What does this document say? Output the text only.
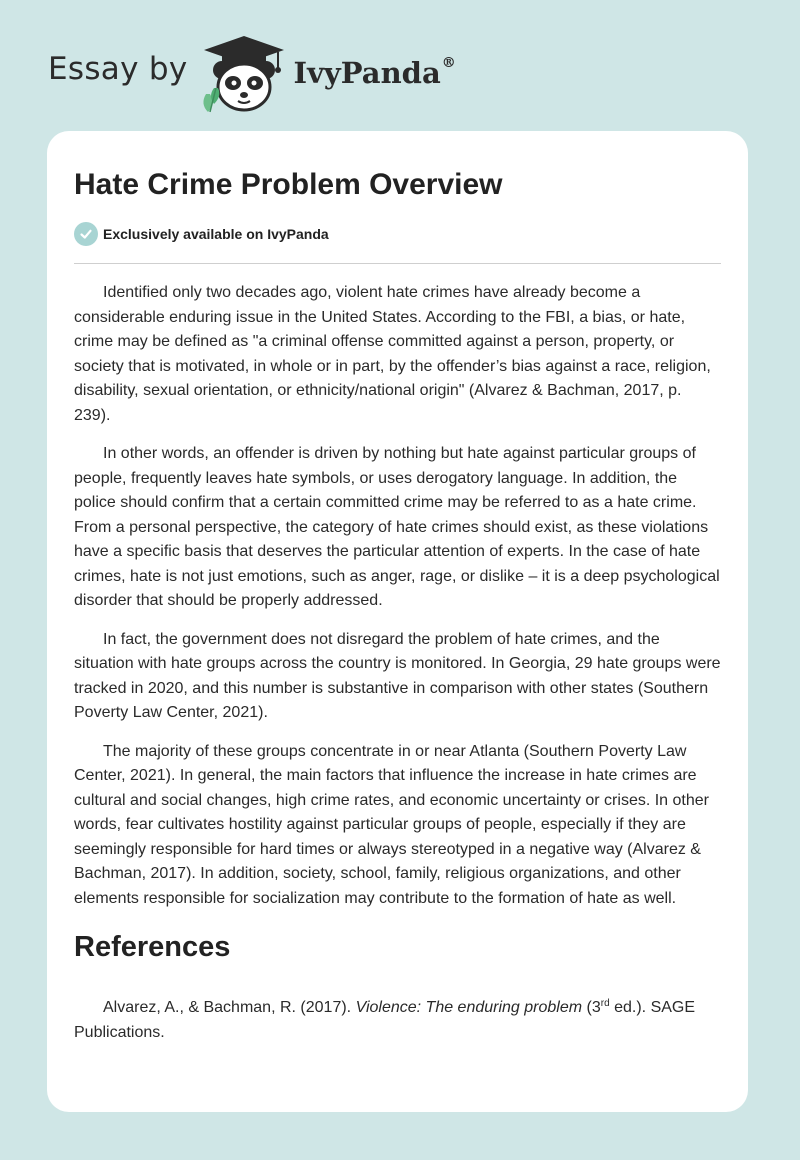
Essay by	IvyPanda®
Hate Crime Problem Overview
Exclusively available on IvyPanda

Identified only two decades ago, violent hate crimes have already become a considerable enduring issue in the United States. According to the FBI, a bias, or hate, crime may be defined as "a criminal offense committed against a person, property, or society that is motivated, in whole or in part, by the offender’s bias against a race, religion, disability, sexual orientation, or ethnicity/national origin" (Alvarez & Bachman, 2017, p. 239).

In other words, an offender is driven by nothing but hate against particular groups of people, frequently leaves hate symbols, or uses derogatory language. In addition, the police should confirm that a certain committed crime may be referred to as a hate crime. From a personal perspective, the category of hate crimes should exist, as these violations have a specific basis that deserves the particular attention of experts. In the case of hate crimes, hate is not just emotions, such as anger, rage, or dislike – it is a deep psychological disorder that should be properly addressed.

In fact, the government does not disregard the problem of hate crimes, and the situation with hate groups across the country is monitored. In Georgia, 29 hate groups were tracked in 2020, and this number is substantive in comparison with other states (Southern Poverty Law Center, 2021).

The majority of these groups concentrate in or near Atlanta (Southern Poverty Law Center, 2021). In general, the main factors that influence the increase in hate crimes are cultural and social changes, high crime rates, and economic uncertainty or crises. In other words, fear cultivates hostility against particular groups of people, especially if they are seemingly responsible for hard times or always stereotyped in a negative way (Alvarez & Bachman, 2017). In addition, society, school, family, religious organizations, and other elements responsible for socialization may contribute to the formation of hate as well.

References

Alvarez, A., & Bachman, R. (2017). Violence: The enduring problem (3rd ed.). SAGE Publications.
